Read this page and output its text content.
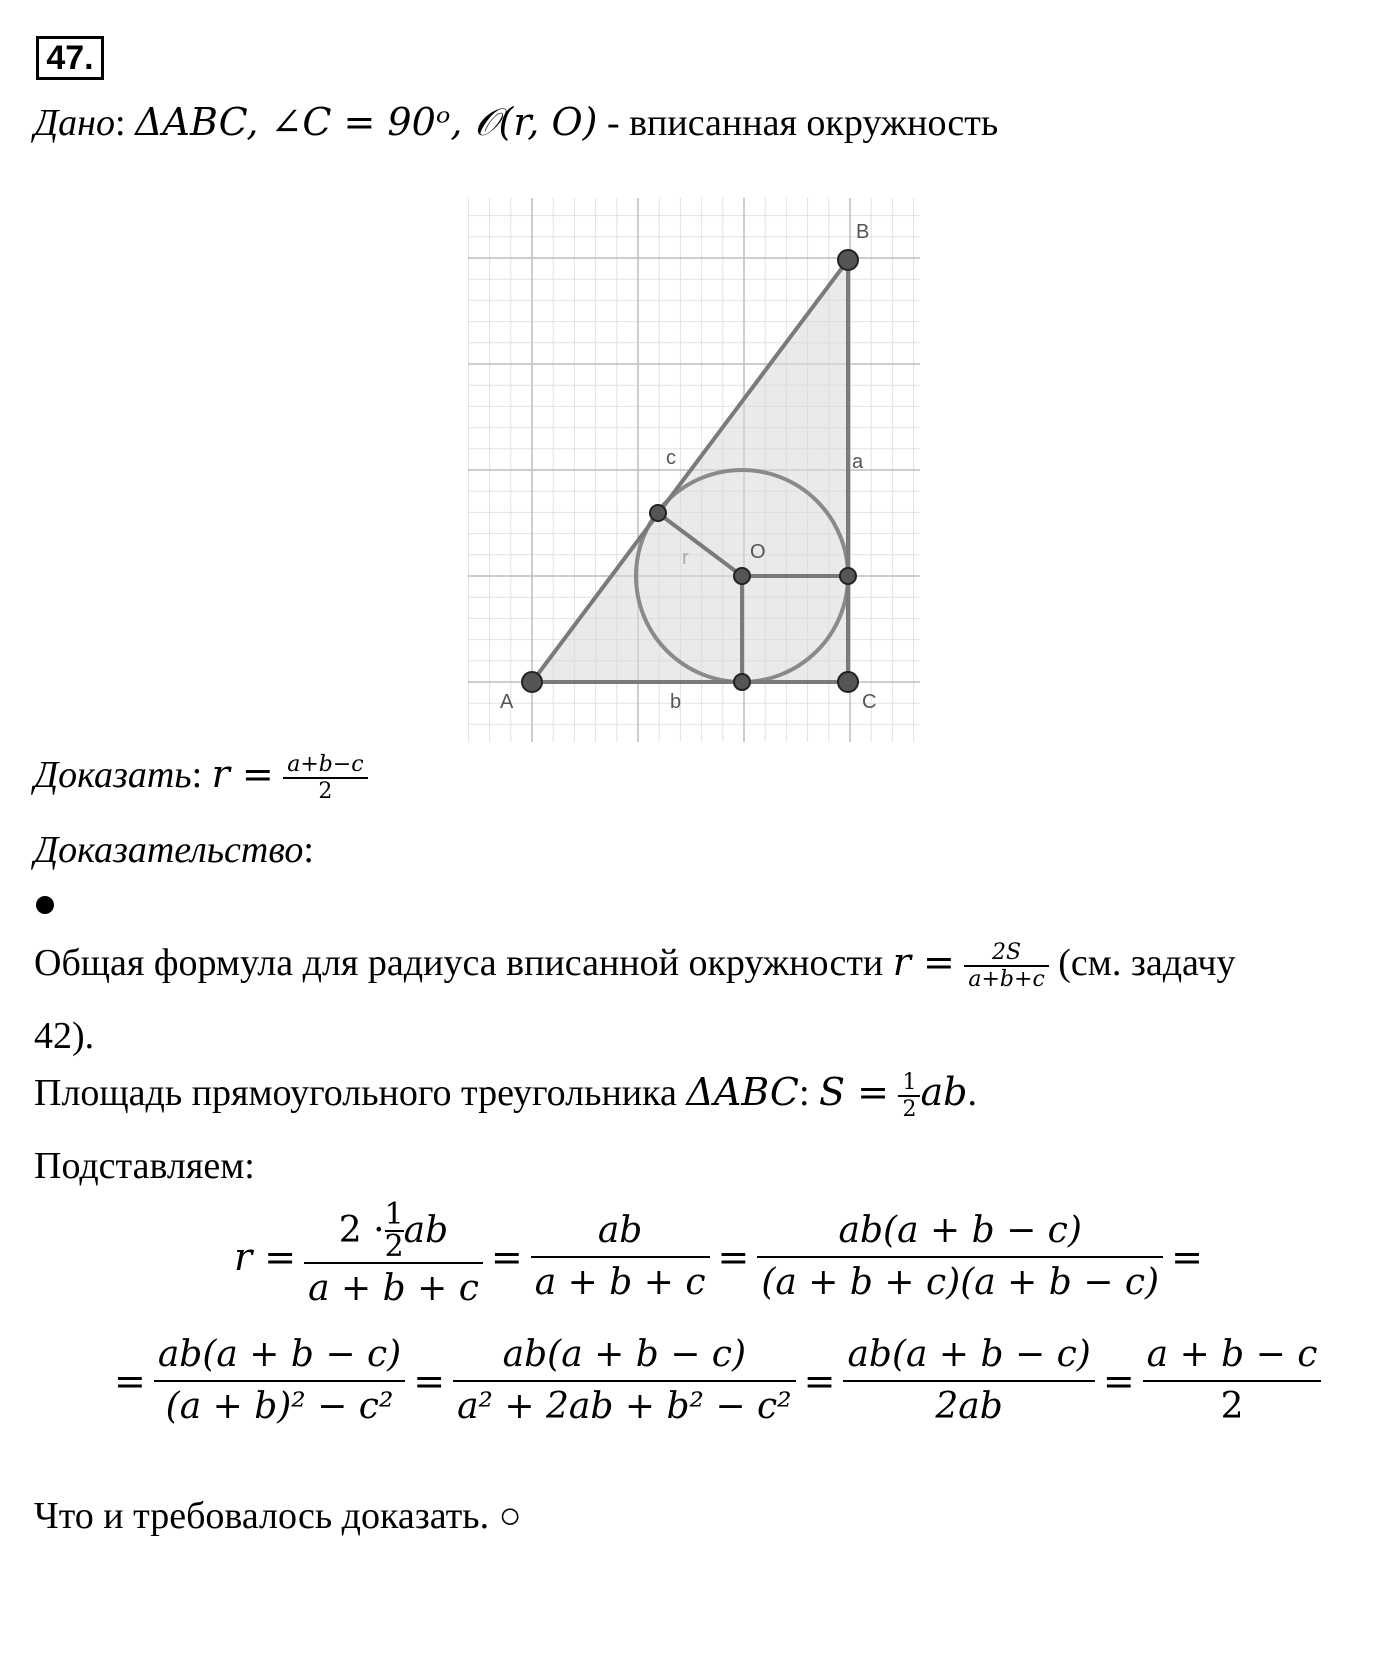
47.
Дано: ΔABC, ∠C = 90ᵒ, 𝒪(r, O) - вписанная окружность
B
A	C
O
a
b
c
r
Доказать: $r = \frac{a+b-c}{2}$
Доказательство:
Общая формула для радиуса вписанной окружности $r = \frac{2S}{a+b+c} (см$. задачу
42).
Площадь прямоугольного треугольника ΔABC: $S = \frac{1}{2}$ ab.
Подставляем:
$r = \frac{2 \cdot \frac{1}{2} ab}{a + b + c} = \frac{ab}{a + b + c} = \frac{ab(a + b - c)}{(a + b + c)(a + b - c)}$ =
= $\frac{ab(a + b - c)}{\text{(a + b)² − c²}} = \frac{ab(a + b - c)}{\text{a² + 2ab + b² − c²}} = \frac{ab(a + b - c)}{2ab} = \frac{a + b - c}{2}$
Что и требовалось доказать. ○
